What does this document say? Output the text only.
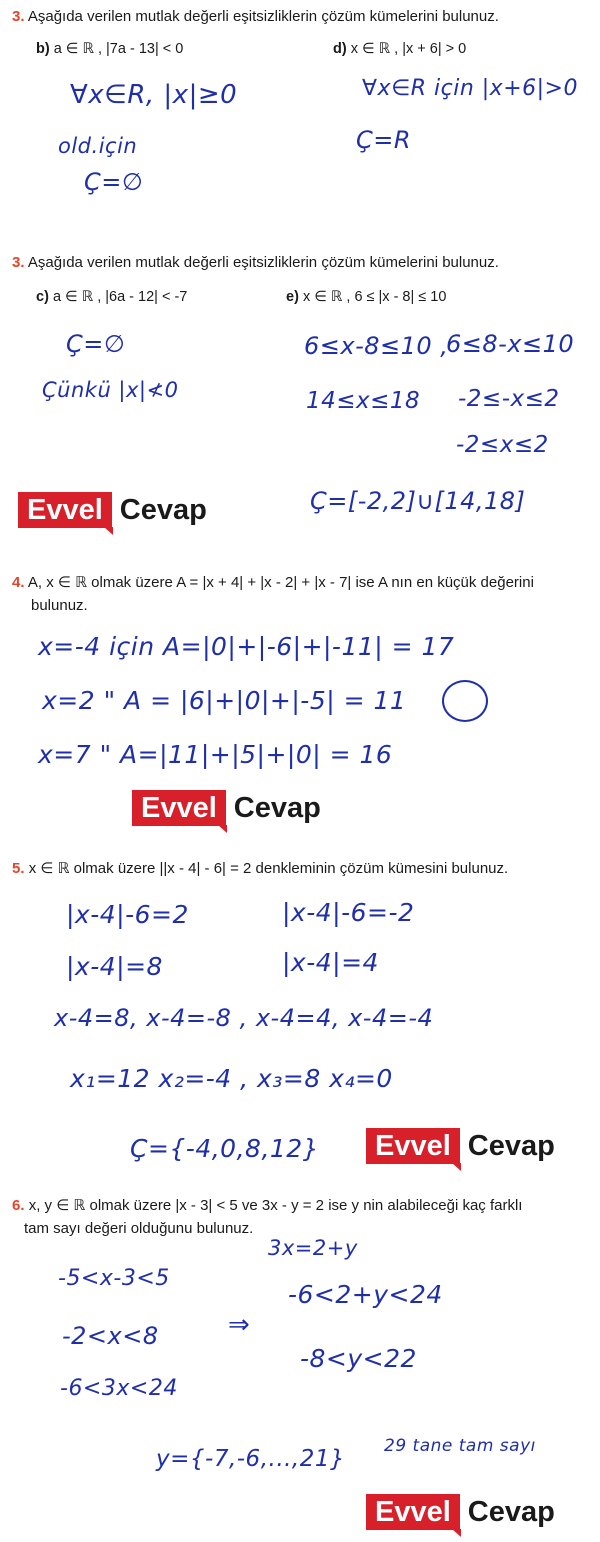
3. Aşağıda verilen mutlak değerli eşitsizliklerin çözüm kümelerini bulunuz.
b) a ∈ ℝ , |7a - 13| < 0	d) x ∈ ℝ , |x + 6| > 0
∀x∈R, |x|≥0
old.için
Ç=∅
∀x∈R için |x+6|>0
Ç=R
3. Aşağıda verilen mutlak değerli eşitsizliklerin çözüm kümelerini bulunuz.
c) a ∈ ℝ , |6a - 12| < -7	e) x ∈ ℝ , 6 ≤ |x - 8| ≤ 10
Ç=∅
Çünkü |x|≮0
6≤x-8≤10 ,
6≤8-x≤10
14≤x≤18 -2≤-x≤2
-2≤x≤2
Ç=[-2,2]∪[14,18]
Evvel Cevap
4. A, x ∈ ℝ olmak üzere A = |x + 4| + |x - 2| + |x - 7| ise A nın en küçük değerini
bulunuz.
x=-4 için A=|0|+|-6|+|-11| = 17
x=2 " A = |6|+|0|+|-5| = 11
x=7 " A=|11|+|5|+|0| = 16
Evvel Cevap
5. x ∈ ℝ olmak üzere ||x - 4| - 6| = 2 denkleminin çözüm kümesini bulunuz.
|x-4|-6=2	|x-4|-6=-2
|x-4|=8	|x-4|=4
x-4=8, x-4=-8 , x-4=4, x-4=-4
x₁=12 x₂=-4 , x₃=8 x₄=0
Ç={-4,0,8,12}	Evvel Cevap
6. x, y ∈ ℝ olmak üzere |x - 3| < 5 ve 3x - y = 2 ise y nin alabileceği kaç farklı
tam sayı değeri olduğunu bulunuz.
3x=2+y
-5<x-3<5
-6<2+y<24
-2<x<8	⇒
-8<y<22
-6<3x<24
y={-7,-6,...,21} 29 tane tam sayı
Evvel Cevap
